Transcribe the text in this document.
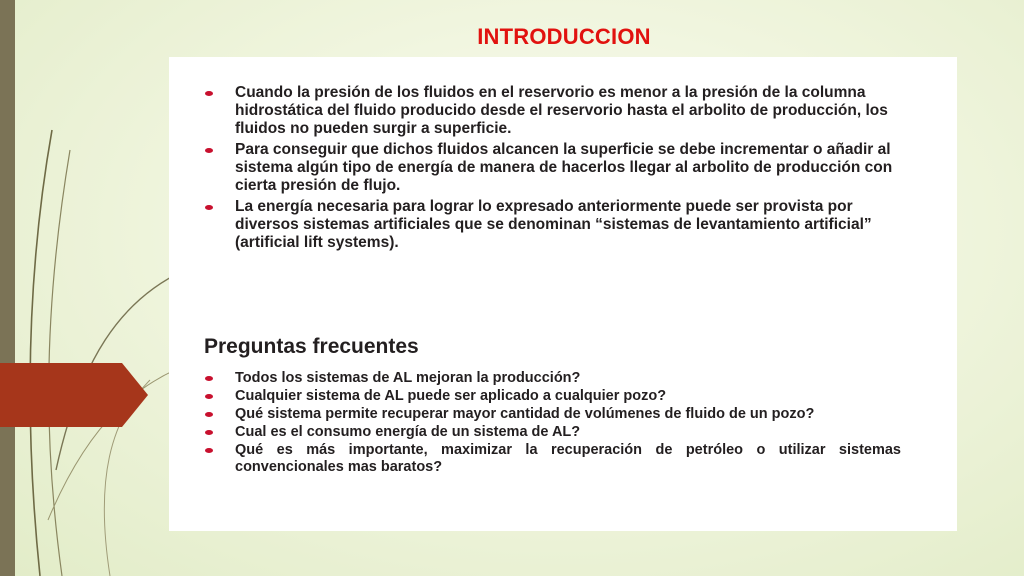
INTRODUCCION
Cuando la presión de los fluidos en el reservorio es menor a la presión de la columna hidrostática del fluido producido desde el reservorio hasta el arbolito de producción, los fluidos no pueden surgir a superficie.
Para conseguir que dichos fluidos alcancen la superficie se debe incrementar o añadir al sistema algún tipo de energía de manera de hacerlos llegar al arbolito de producción con cierta presión de flujo.
La energía necesaria para lograr lo expresado anteriormente puede ser provista por diversos sistemas artificiales que se denominan “sistemas de levantamiento artificial” (artificial lift systems).
Preguntas frecuentes
Todos los sistemas de AL mejoran la producción?
Cualquier sistema de AL puede ser aplicado a cualquier pozo?
Qué sistema permite recuperar mayor cantidad de volúmenes de fluido de un pozo?
Cual es el consumo energía de un sistema de AL?
Qué es más importante, maximizar la recuperación de petróleo o utilizar sistemas convencionales mas baratos?
